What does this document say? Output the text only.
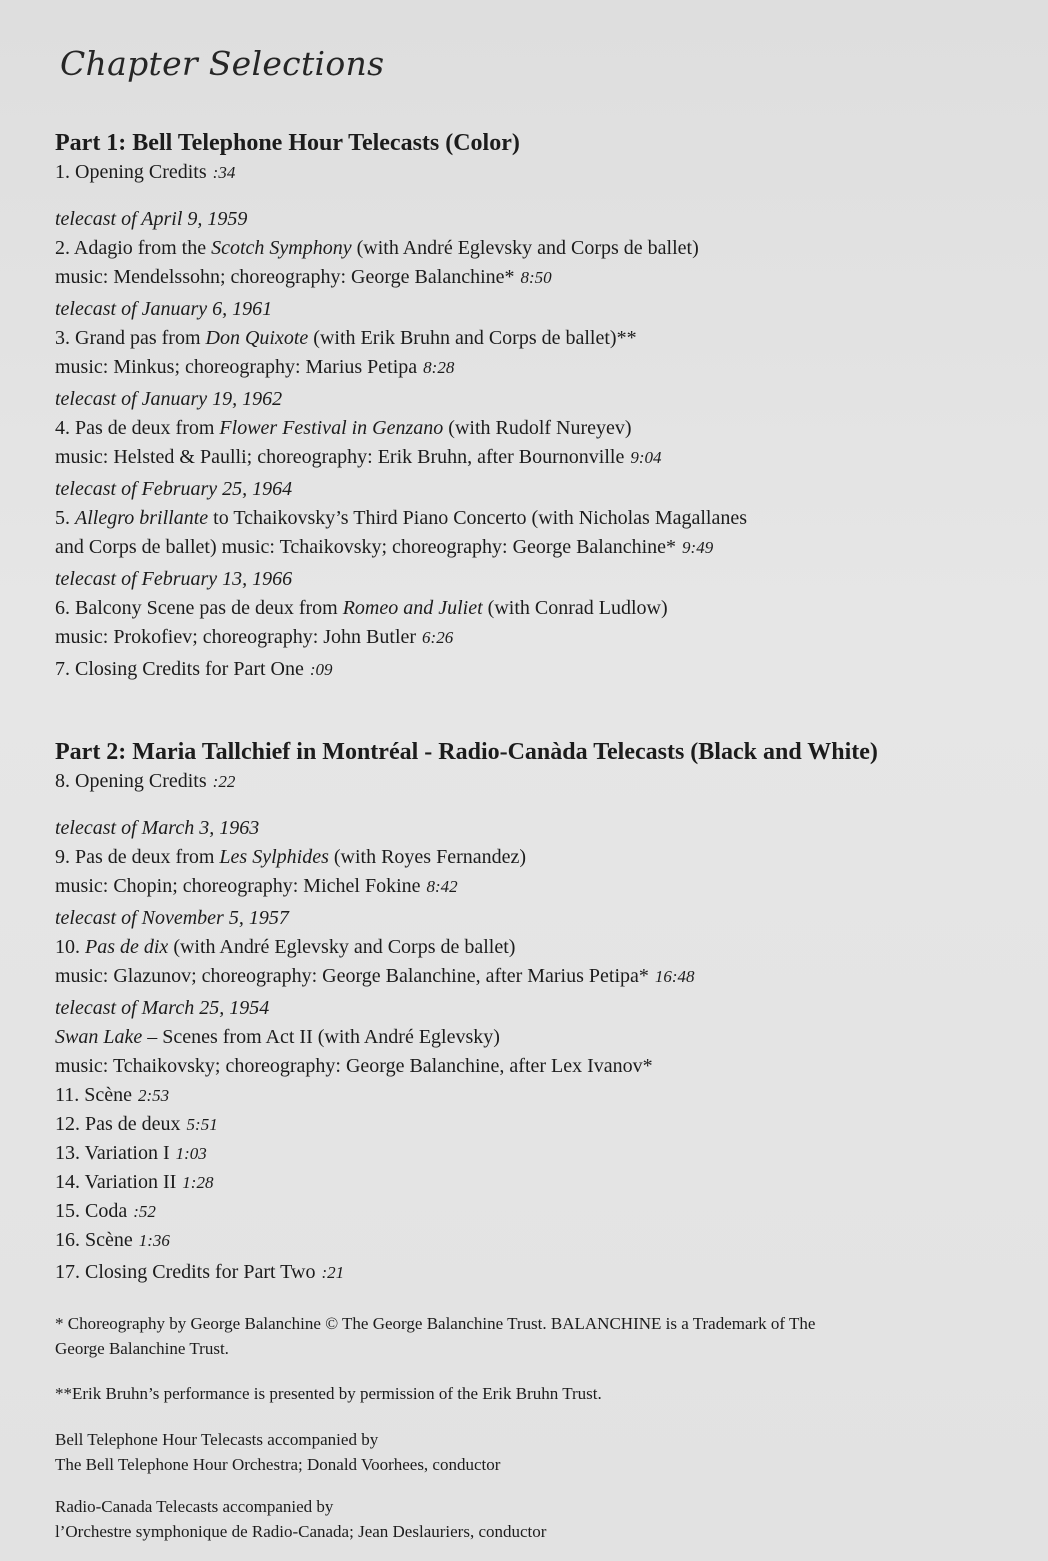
Chapter Selections
Part 1: Bell Telephone Hour Telecasts (Color)
1. Opening Credits :34
telecast of April 9, 1959
2. Adagio from the Scotch Symphony (with André Eglevsky and Corps de ballet)
music: Mendelssohn; choreography: George Balanchine* 8:50
telecast of January 6, 1961
3. Grand pas from Don Quixote (with Erik Bruhn and Corps de ballet)**
music: Minkus; choreography: Marius Petipa 8:28
telecast of January 19, 1962
4. Pas de deux from Flower Festival in Genzano (with Rudolf Nureyev)
music: Helsted & Paulli; choreography: Erik Bruhn, after Bournonville 9:04
telecast of February 25, 1964
5. Allegro brillante to Tchaikovsky’s Third Piano Concerto (with Nicholas Magallanes
and Corps de ballet) music: Tchaikovsky; choreography: George Balanchine* 9:49
telecast of February 13, 1966
6. Balcony Scene pas de deux from Romeo and Juliet (with Conrad Ludlow)
music: Prokofiev; choreography: John Butler 6:26
7. Closing Credits for Part One :09
Part 2: Maria Tallchief in Montréal - Radio-Canàda Telecasts (Black and White)
8. Opening Credits :22
telecast of March 3, 1963
9. Pas de deux from Les Sylphides (with Royes Fernandez)
music: Chopin; choreography: Michel Fokine 8:42
telecast of November 5, 1957
10. Pas de dix (with André Eglevsky and Corps de ballet)
music: Glazunov; choreography: George Balanchine, after Marius Petipa* 16:48
telecast of March 25, 1954
Swan Lake – Scenes from Act II (with André Eglevsky)
music: Tchaikovsky; choreography: George Balanchine, after Lex Ivanov*
11. Scène 2:53
12. Pas de deux 5:51
13. Variation I 1:03
14. Variation II 1:28
15. Coda :52
16. Scène 1:36
17. Closing Credits for Part Two :21

* Choreography by George Balanchine © The George Balanchine Trust. BALANCHINE is a Trademark of The

George Balanchine Trust.

**Erik Bruhn’s performance is presented by permission of the Erik Bruhn Trust.

Bell Telephone Hour Telecasts accompanied by

The Bell Telephone Hour Orchestra; Donald Voorhees, conductor

Radio-Canada Telecasts accompanied by

l’Orchestre symphonique de Radio-Canada; Jean Deslauriers, conductor
